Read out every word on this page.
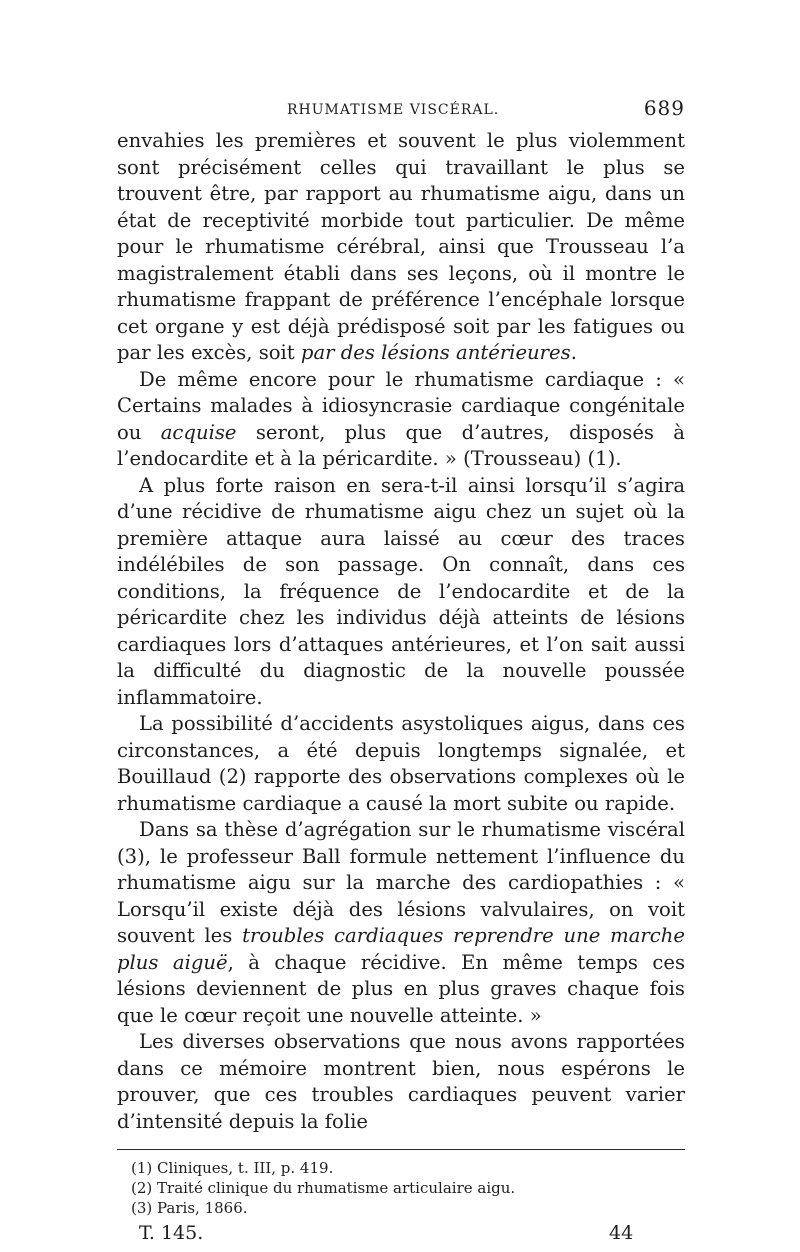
RHUMATISME VISCÉRAL.	689

envahies les premières et souvent le plus violemment sont précisément celles qui travaillant le plus se trouvent être, par rapport au rhumatisme aigu, dans un état de receptivité morbide tout particulier. De même pour le rhumatisme cérébral, ainsi que Trousseau l’a magistralement établi dans ses leçons, où il montre le rhumatisme frappant de préférence l’encéphale lorsque cet organe y est déjà prédisposé soit par les fatigues ou par les excès, soit par des lésions antérieures.

De même encore pour le rhumatisme cardiaque : « Certains malades à idiosyncrasie cardiaque congénitale ou acquise seront, plus que d’autres, disposés à l’endocardite et à la péricardite. » (Trousseau) (1).

A plus forte raison en sera-t-il ainsi lorsqu’il s’agira d’une récidive de rhumatisme aigu chez un sujet où la première attaque aura laissé au cœur des traces indélébiles de son passage. On connaît, dans ces conditions, la fréquence de l’endocardite et de la péricardite chez les individus déjà atteints de lésions cardiaques lors d’attaques antérieures, et l’on sait aussi la difficulté du diagnostic de la nouvelle poussée inflammatoire.

La possibilité d’accidents asystoliques aigus, dans ces circonstances, a été depuis longtemps signalée, et Bouillaud (2) rapporte des observations complexes où le rhumatisme cardiaque a causé la mort subite ou rapide.

Dans sa thèse d’agrégation sur le rhumatisme viscéral (3), le professeur Ball formule nettement l’influence du rhumatisme aigu sur la marche des cardiopathies : « Lorsqu’il existe déjà des lésions valvulaires, on voit souvent les troubles cardiaques reprendre une marche plus aiguë, à chaque récidive. En même temps ces lésions deviennent de plus en plus graves chaque fois que le cœur reçoit une nouvelle atteinte. »

Les diverses observations que nous avons rapportées dans ce mémoire montrent bien, nous espérons le prouver, que ces troubles cardiaques peuvent varier d’intensité depuis la folie

(1) Cliniques, t. III, p. 419.
(2) Traité clinique du rhumatisme articulaire aigu.
(3) Paris, 1866.
T. 145.	44
